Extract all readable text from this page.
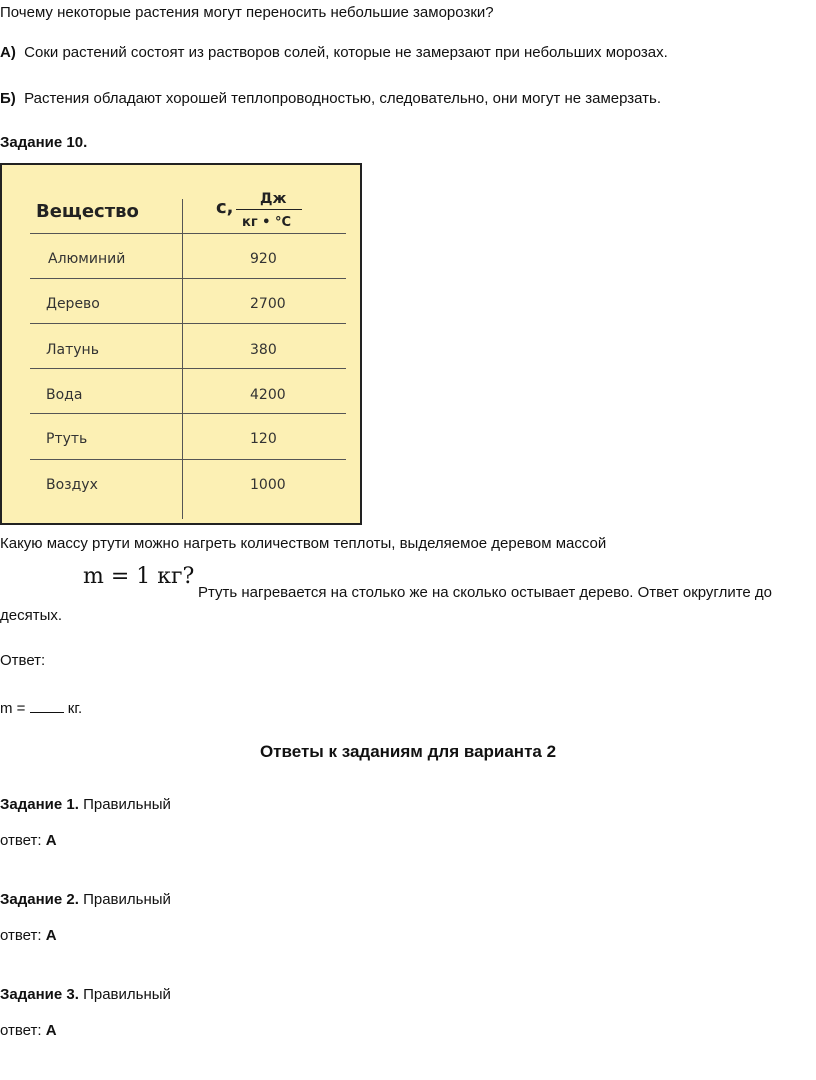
Почему некоторые растения могут переносить небольшие заморозки?
А) Соки растений состоят из растворов солей, которые не замерзают при небольших морозах.
Б) Растения обладают хорошей теплопроводностью, следовательно, они могут не замерзать.
Задание 10.
Вещество	c, Дж
кг • °С
Алюминий	920
Дерево	2700
Латунь	380
Вода	4200
Ртуть	120
Воздух	1000
Какую массу ртути можно нагреть количеством теплоты, выделяемое деревом массой
m = 1 кг?
Ртуть нагревается на столько же на сколько остывает дерево. Ответ округлите до
десятых.
Ответ:
m =  кг.
Ответы к заданиям для варианта 2
Задание 1. Правильный
ответ: А
Задание 2. Правильный
ответ: А
Задание 3. Правильный
ответ: А
